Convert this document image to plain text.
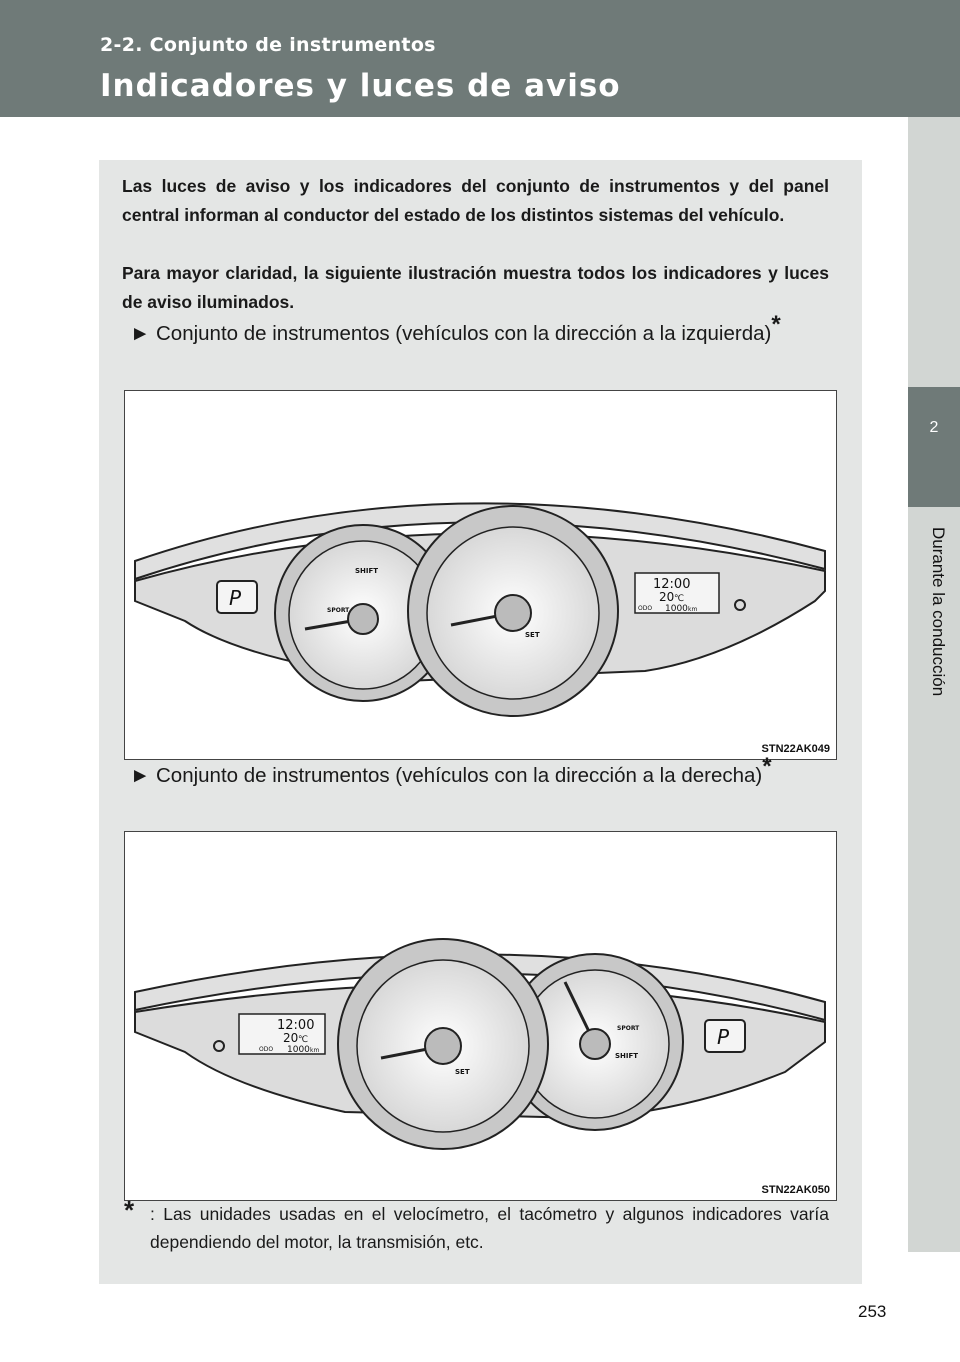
2-2. Conjunto de instrumentos
Indicadores y luces de aviso
2
Durante la conducción
Las luces de aviso y los indicadores del conjunto de instrumentos y del panel central informan al conductor del estado de los distintos sistemas del vehículo.
Para mayor claridad, la siguiente ilustración muestra todos los indicadores y luces de aviso iluminados.
► Conjunto de instrumentos (vehículos con la dirección a la izquierda)*
P
SHIFT
SPORT
SET
12:00
20 ℃
ODO 1000 km
STN22AK049
► Conjunto de instrumentos (vehículos con la dirección a la derecha)*
P
SPORT
SHIFT
SET
12:00
20 ℃
ODO 1000 km
STN22AK050
* : Las unidades usadas en el velocímetro, el tacómetro y algunos indicadores varía dependiendo del motor, la transmisión, etc.
253
